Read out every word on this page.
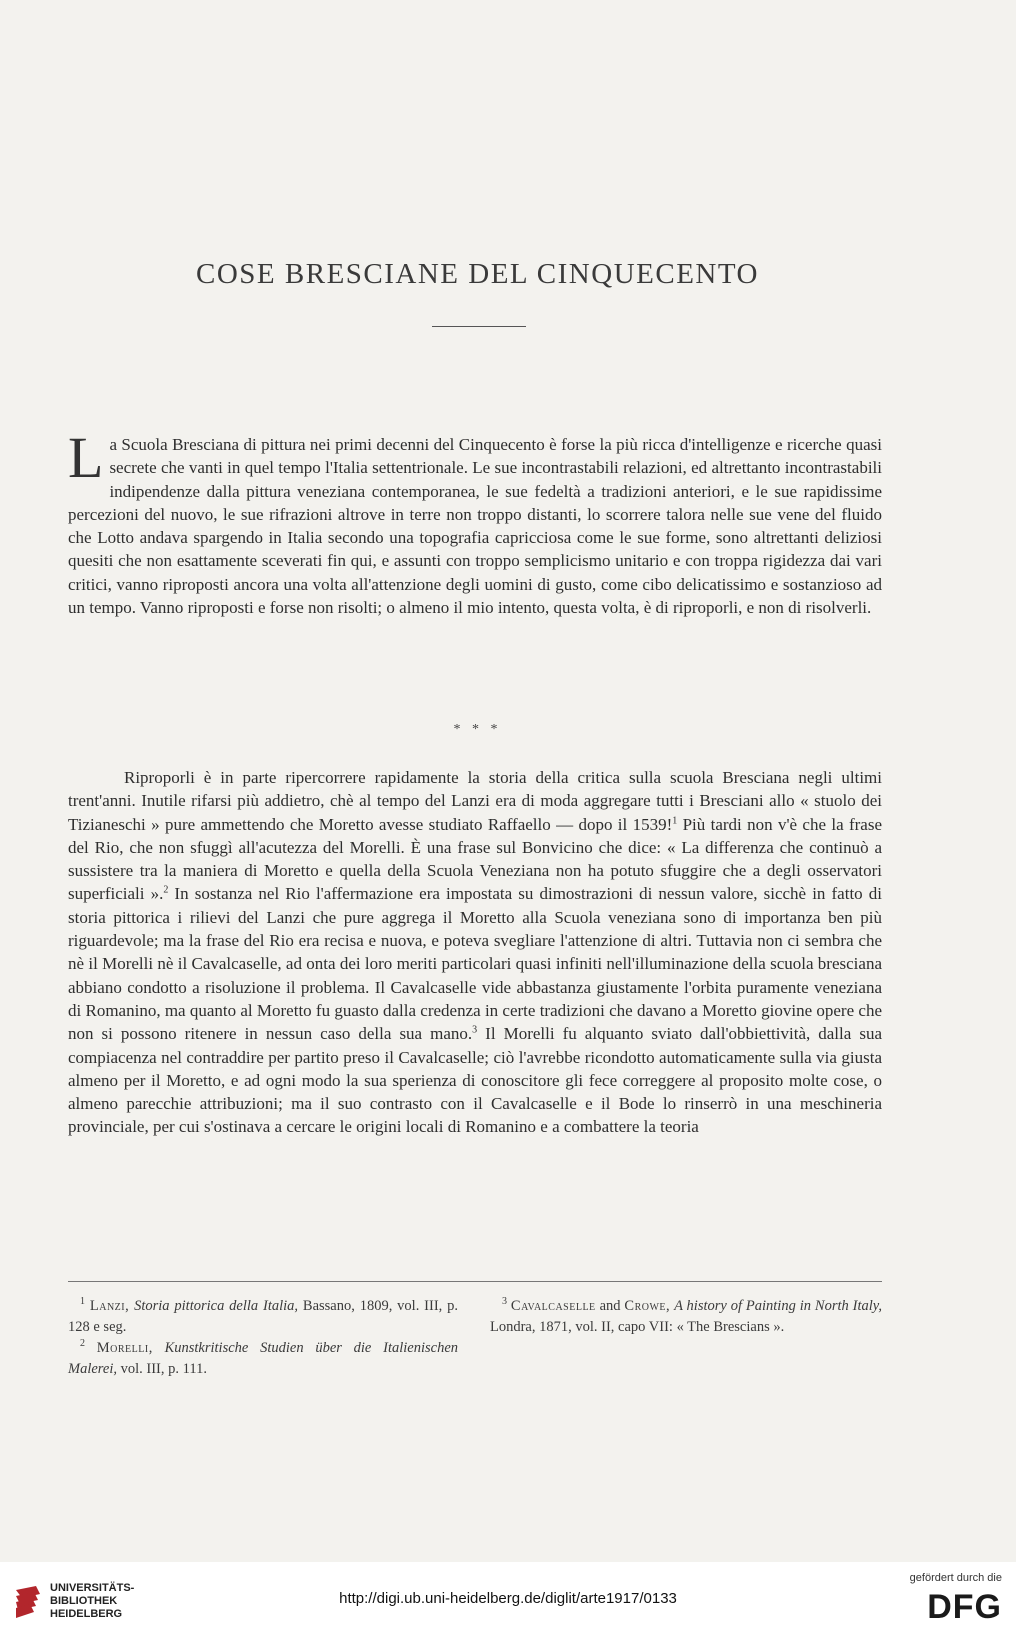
COSE BRESCIANE DEL CINQUECENTO

La Scuola Bresciana di pittura nei primi decenni del Cinquecento è forse la più ricca d'intelligenze e ricerche quasi secrete che vanti in quel tempo l'Italia settentrionale. Le sue incontrastabili relazioni, ed altrettanto incontrastabili indipendenze dalla pittura veneziana contemporanea, le sue fedeltà a tradizioni anteriori, e le sue rapidissime percezioni del nuovo, le sue rifrazioni altrove in terre non troppo distanti, lo scorrere talora nelle sue vene del fluido che Lotto andava spargendo in Italia secondo una topografia capricciosa come le sue forme, sono altrettanti deliziosi quesiti che non esattamente sceverati fin qui, e assunti con troppo semplicismo unitario e con troppa rigidezza dai vari critici, vanno riproposti ancora una volta all'attenzione degli uomini di gusto, come cibo delicatissimo e sostanzioso ad un tempo. Vanno riproposti e forse non risolti; o almeno il mio intento, questa volta, è di riproporli, e non di risolverli.

* * *

Riproporli è in parte ripercorrere rapidamente la storia della critica sulla scuola Bresciana negli ultimi trent'anni. Inutile rifarsi più addietro, chè al tempo del Lanzi era di moda aggregare tutti i Bresciani allo « stuolo dei Tizianeschi » pure ammettendo che Moretto avesse studiato Raffaello — dopo il 1539!$^1$ Più tardi non v'è che la frase del Rio, che non sfuggì all'acutezza del Morelli. È una frase sul Bonvicino che dice: « La differenza che continuò a sussistere tra la maniera di Moretto e quella della Scuola Veneziana non ha potuto sfuggire che a degli osservatori superficiali ».$^2$ In sostanza nel Rio l'affermazione era impostata su dimostrazioni di nessun valore, sicchè in fatto di storia pittorica i rilievi del Lanzi che pure aggrega il Moretto alla Scuola veneziana sono di importanza ben più riguardevole; ma la frase del Rio era recisa e nuova, e poteva svegliare l'attenzione di altri. Tuttavia non ci sembra che nè il Morelli nè il Cavalcaselle, ad onta dei loro meriti particolari quasi infiniti nell'illuminazione della scuola bresciana abbiano condotto a risoluzione il problema. Il Cavalcaselle vide abbastanza giustamente l'orbita puramente veneziana di Romanino, ma quanto al Moretto fu guasto dalla credenza in certe tradizioni che davano a Moretto giovine opere che non si possono ritenere in nessun caso della sua mano.$^3$ Il Morelli fu alquanto sviato dall'obbiettività, dalla sua compiacenza nel contraddire per partito preso il Cavalcaselle; ciò l'avrebbe ricondotto automaticamente sulla via giusta almeno per il Moretto, e ad ogni modo la sua sperienza di conoscitore gli fece correggere al proposito molte cose, o almeno parecchie attribuzioni; ma il suo contrasto con il Cavalcaselle e il Bode lo rinserrò in una meschineria provinciale, per cui s'ostinava a cercare le origini locali di Romanino e a combattere la teoria

$^1$ Lanzi, Storia pittorica della Italia, Bassano, 1809, vol. III, p. 128 e seg.
$^2$ Morelli, Kunstkritische Studien über die Italienischen Malerei, vol. III, p. 111.
$^3$ Cavalcaselle and Crowe, A history of Painting in North Italy, Londra, 1871, vol. II, capo VII: « The Brescians ».
UNIVERSITÄTS-
BIBLIOTHEK
HEIDELBERG
http://digi.ub.uni-heidelberg.de/diglit/arte1917/0133
gefördert durch die
DFG
